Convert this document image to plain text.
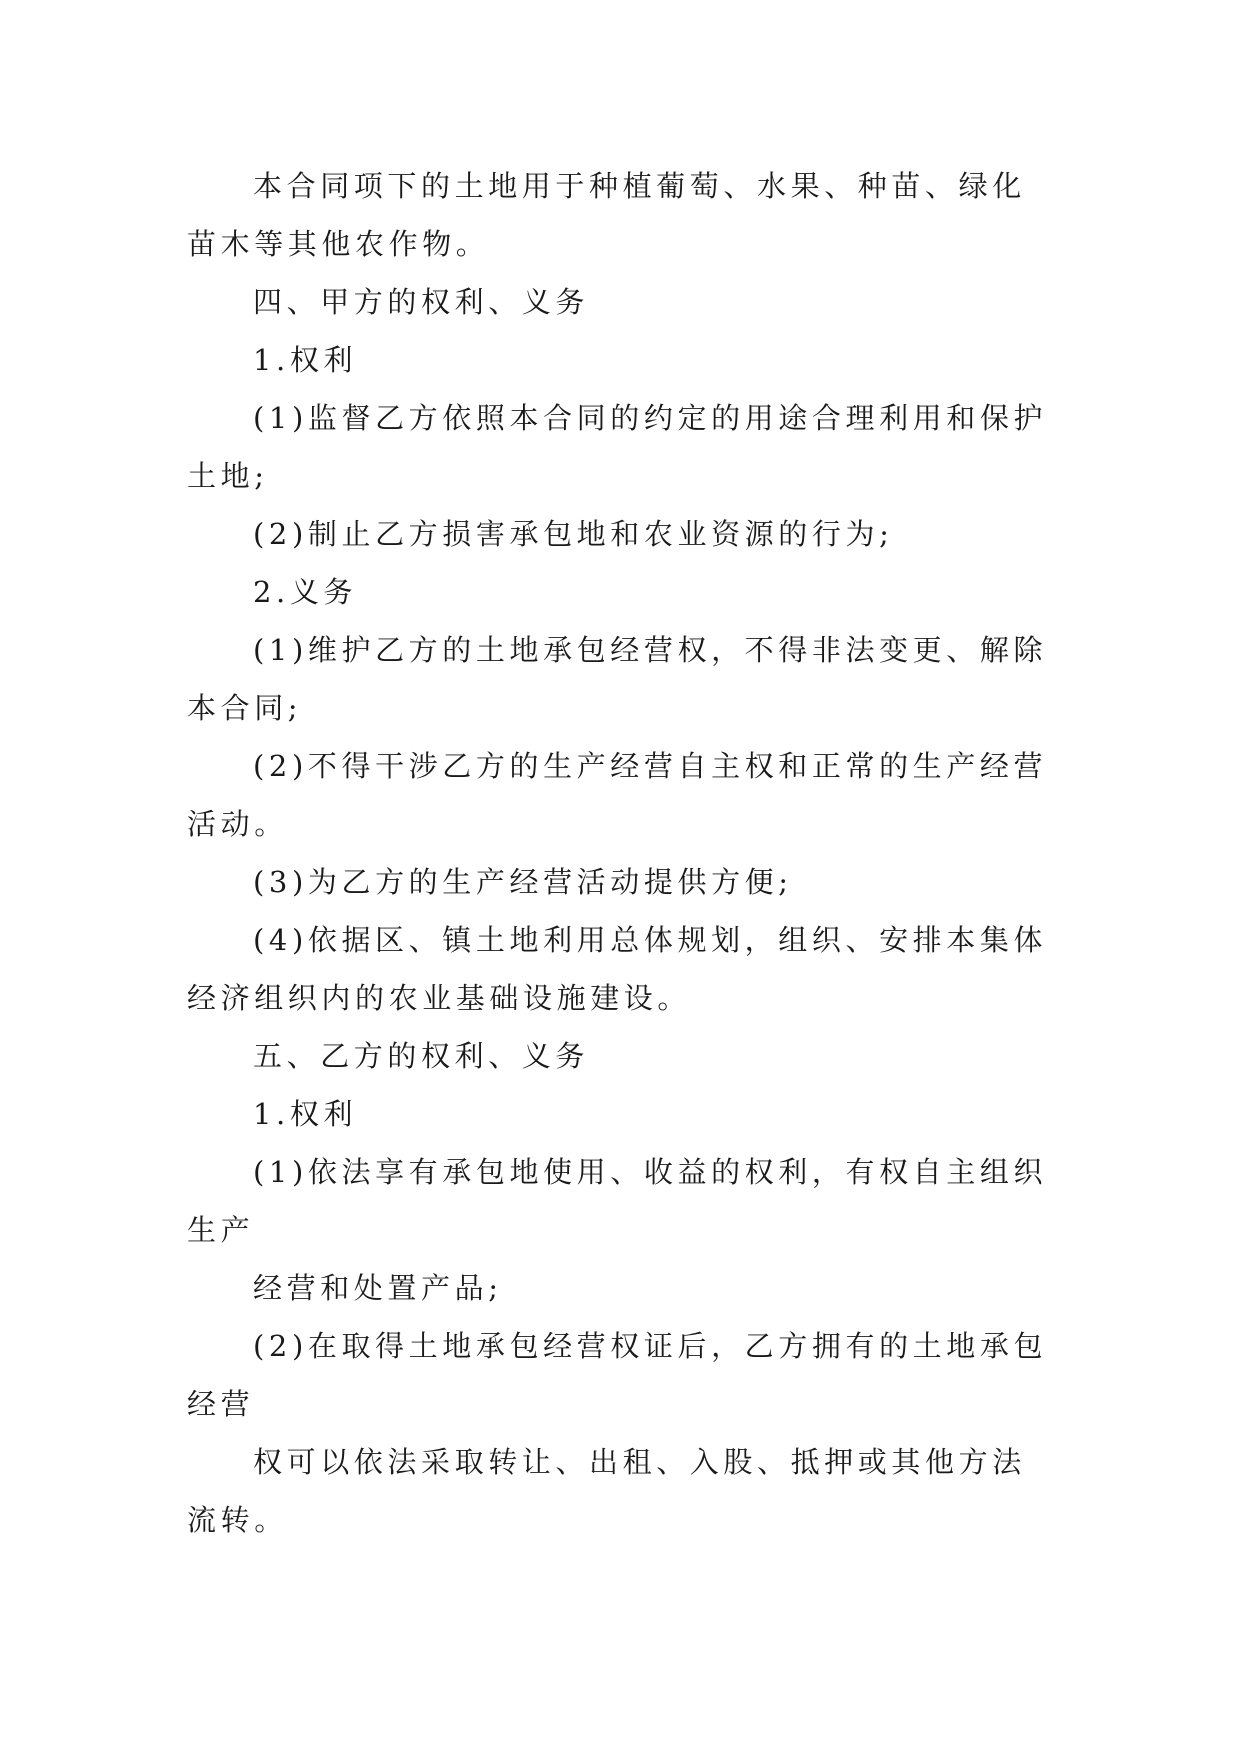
本合同项下的土地用于种植葡萄、水果、种苗、绿化苗木等其他农作物。

四、甲方的权利、义务

1.权利

(1)监督乙方依照本合同的约定的用途合理利用和保护土地;

(2)制止乙方损害承包地和农业资源的行为;

2.义务

(1)维护乙方的土地承包经营权，不得非法变更、解除本合同;

(2)不得干涉乙方的生产经营自主权和正常的生产经营活动。

(3)为乙方的生产经营活动提供方便;

(4)依据区、镇土地利用总体规划，组织、安排本集体经济组织内的农业基础设施建设。

五、乙方的权利、义务

1.权利

(1)依法享有承包地使用、收益的权利，有权自主组织生产

经营和处置产品;

(2)在取得土地承包经营权证后，乙方拥有的土地承包经营

权可以依法采取转让、出租、入股、抵押或其他方法流转。
